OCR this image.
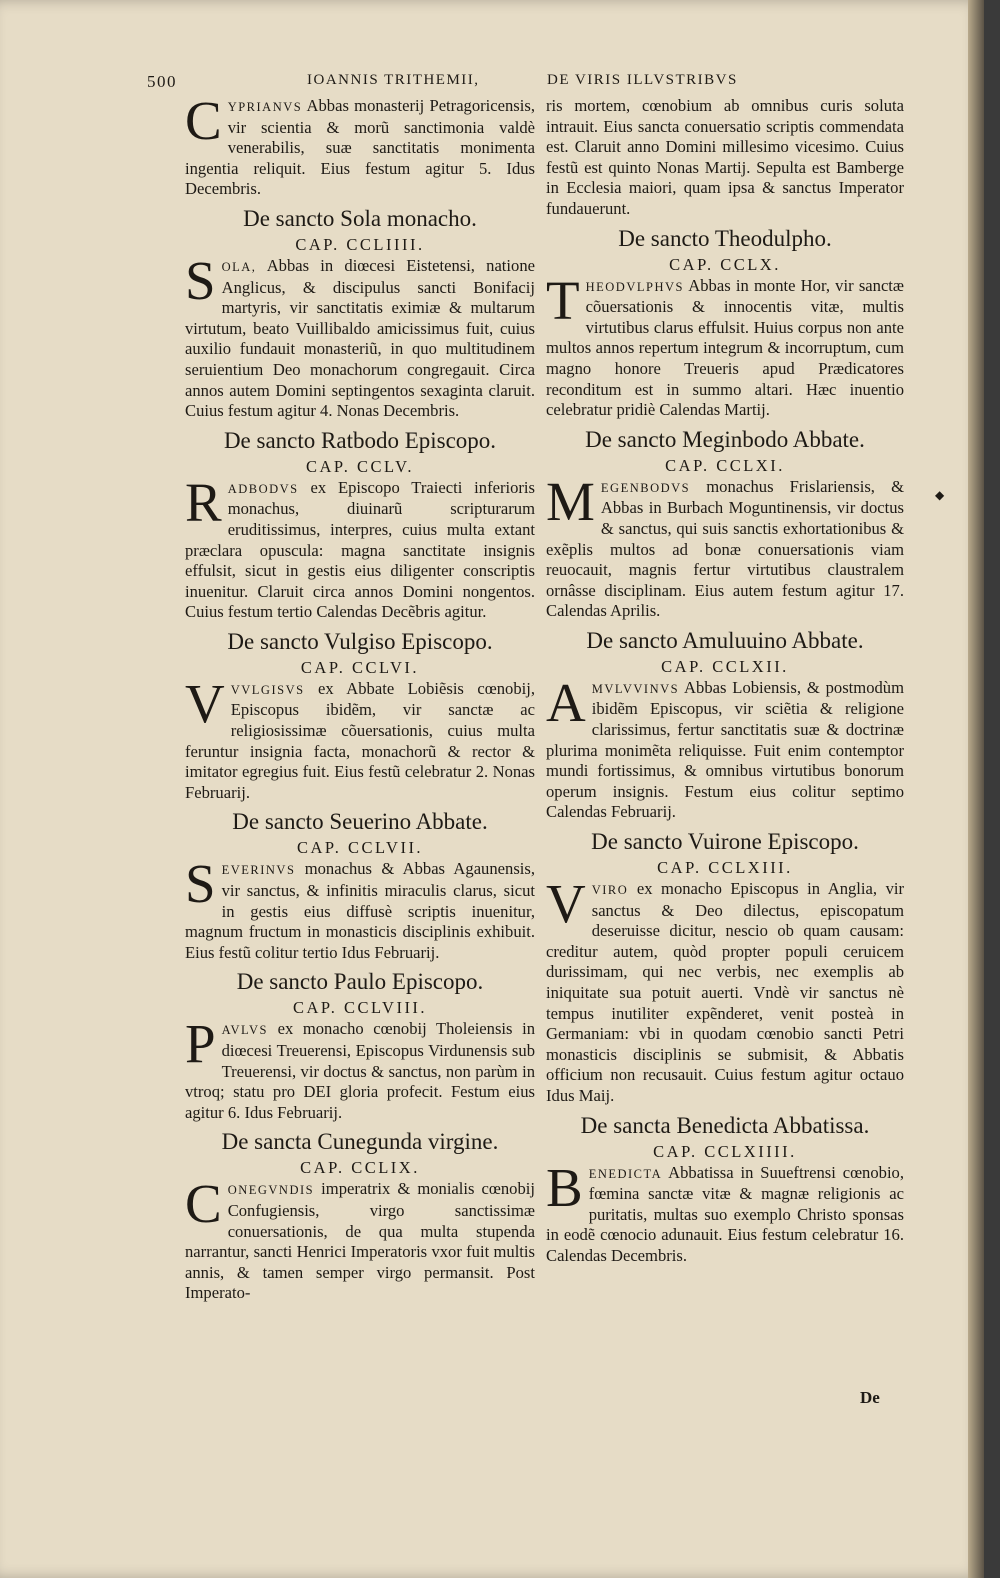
500	IOANNIS TRITHEMII,	DE VIRIS ILLVSTRIBVS

CYPRIANVS Abbas monasterij Petragoricensis, vir scientia & morũ sanctimonia valdè venerabilis, suæ sanctitatis monimenta ingentia reliquit. Eius festum agitur 5. Idus Decembris.

De sancto Sola monacho.
CAP. CCLIIII.

SOLA, Abbas in diœcesi Eistetensi, natione Anglicus, & discipulus sancti Bonifacij martyris, vir sanctitatis eximiæ & multarum virtutum, beato Vuillibaldo amicissimus fuit, cuius auxilio fundauit monasteriũ, in quo multitudinem seruientium Deo monachorum congregauit. Circa annos autem Domini septingentos sexaginta claruit. Cuius festum agitur 4. Nonas Decembris.

De sancto Ratbodo Episcopo.
CAP. CCLV.

RADBODVS ex Episcopo Traiecti inferioris monachus, diuinarũ scripturarum eruditissimus, interpres, cuius multa extant præclara opuscula: magna sanctitate insignis effulsit, sicut in gestis eius diligenter conscriptis inuenitur. Claruit circa annos Domini nongentos. Cuius festum tertio Calendas Decẽbris agitur.

De sancto Vulgiso Episcopo.
CAP. CCLVI.

VVVLGISVS ex Abbate Lobiẽsis cœnobij, Episcopus ibidẽm, vir sanctæ ac religiosissimæ cõuersationis, cuius multa feruntur insignia facta, monachorũ & rector & imitator egregius fuit. Eius festũ celebratur 2. Nonas Februarij.

De sancto Seuerino Abbate.
CAP. CCLVII.

SEVERINVS monachus & Abbas Agaunensis, vir sanctus, & infinitis miraculis clarus, sicut in gestis eius diffusè scriptis inuenitur, magnum fructum in monasticis disciplinis exhibuit. Eius festũ colitur tertio Idus Februarij.

De sancto Paulo Episcopo.
CAP. CCLVIII.

PAVLVS ex monacho cœnobij Tholeiensis in diœcesi Treuerensi, Episcopus Virdunensis sub Treuerensi, vir doctus & sanctus, non parùm in vtroq; statu pro DEI gloria profecit. Festum eius agitur 6. Idus Februarij.

De sancta Cunegunda virgine.
CAP. CCLIX.

CONEGVNDIS imperatrix & monialis cœnobij Confugiensis, virgo sanctissimæ conuersationis, de qua multa stupenda narrantur, sancti Henrici Imperatoris vxor fuit multis annis, & tamen semper virgo permansit. Post Imperato-

ris mortem, cœnobium ab omnibus curis soluta intrauit. Eius sancta conuersatio scriptis commendata est. Claruit anno Domini millesimo vicesimo. Cuius festũ est quinto Nonas Martij. Sepulta est Bamberge in Ecclesia maiori, quam ipsa & sanctus Imperator fundauerunt.

De sancto Theodulpho.
CAP. CCLX.

THEODVLPHVS Abbas in monte Hor, vir sanctæ cõuersationis & innocentis vitæ, multis virtutibus clarus effulsit. Huius corpus non ante multos annos repertum integrum & incorruptum, cum magno honore Treueris apud Prædicatores reconditum est in summo altari. Hæc inuentio celebratur pridiè Calendas Martij.

De sancto Meginbodo Abbate.
CAP. CCLXI.

MEGENBODVS monachus Frislariensis, & Abbas in Burbach Moguntinensis, vir doctus & sanctus, qui suis sanctis exhortationibus & exẽplis multos ad bonæ conuersationis viam reuocauit, magnis fertur virtutibus claustralem ornâsse disciplinam. Eius autem festum agitur 17. Calendas Aprilis.

De sancto Amuluuino Abbate.
CAP. CCLXII.

AMVLVVINVS Abbas Lobiensis, & postmodùm ibidẽm Episcopus, vir sciẽtia & religione clarissimus, fertur sanctitatis suæ & doctrinæ plurima monimẽta reliquisse. Fuit enim contemptor mundi fortissimus, & omnibus virtutibus bonorum operum insignis. Festum eius colitur septimo Calendas Februarij.

De sancto Vuirone Episcopo.
CAP. CCLXIII.

VVIRO ex monacho Episcopus in Anglia, vir sanctus & Deo dilectus, episcopatum deseruisse dicitur, nescio ob quam causam: creditur autem, quòd propter populi ceruicem durissimam, qui nec verbis, nec exemplis ab iniquitate sua potuit auerti. Vndè vir sanctus nè tempus inutiliter expẽnderet, venit posteà in Germaniam: vbi in quodam cœnobio sancti Petri monasticis disciplinis se submisit, & Abbatis officium non recusauit. Cuius festum agitur octauo Idus Maij.

De sancta Benedicta Abbatissa.
CAP. CCLXIIII.

BENEDICTA Abbatissa in Suueftrensi cœnobio, fœmina sanctæ vitæ & magnæ religionis ac puritatis, multas suo exemplo Christo sponsas in eodẽ cœnocio adunauit. Eius festum celebratur 16. Calendas Decembris.

◆
De
